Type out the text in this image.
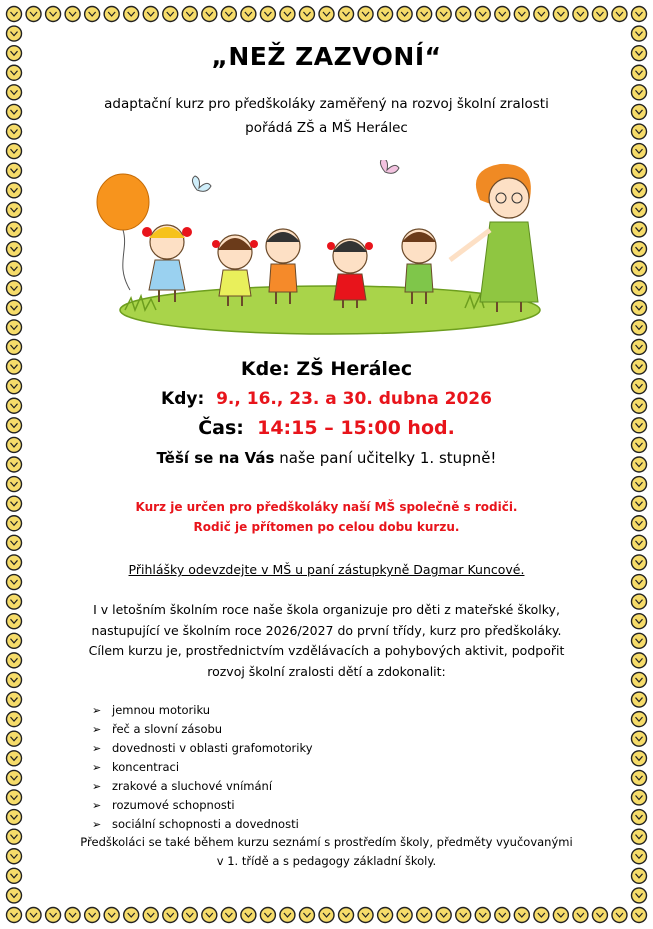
„NEŽ ZAZVONÍ“
adaptační kurz pro předškoláky zaměřený na rozvoj školní zralosti
pořádá ZŠ a MŠ Herálec
Kde: ZŠ Herálec
Kdy: 9., 16., 23. a 30. dubna 2026
Čas: 14:15 – 15:00 hod.
Těší se na Vás naše paní učitelky 1. stupně!
Kurz je určen pro předškoláky naší MŠ společně s rodiči.
Rodič je přítomen po celou dobu kurzu.
Přihlášky odevzdejte v MŠ u paní zástupkyně Dagmar Kuncové.
I v letošním školním roce naše škola organizuje pro děti z mateřské školky,
nastupující ve školním roce 2026/2027 do první třídy, kurz pro předškoláky.
Cílem kurzu je, prostřednictvím vzdělávacích a pohybových aktivit, podpořit
rozvoj školní zralosti dětí a zdokonalit:
➢ jemnou motoriku
➢ řeč a slovní zásobu
➢ dovednosti v oblasti grafomotoriky
➢ koncentraci
➢ zrakové a sluchové vnímání
➢ rozumové schopnosti
➢ sociální schopnosti a dovednosti
Předškoláci se také během kurzu seznámí s prostředím školy, předměty vyučovanými
v 1. třídě a s pedagogy základní školy.
